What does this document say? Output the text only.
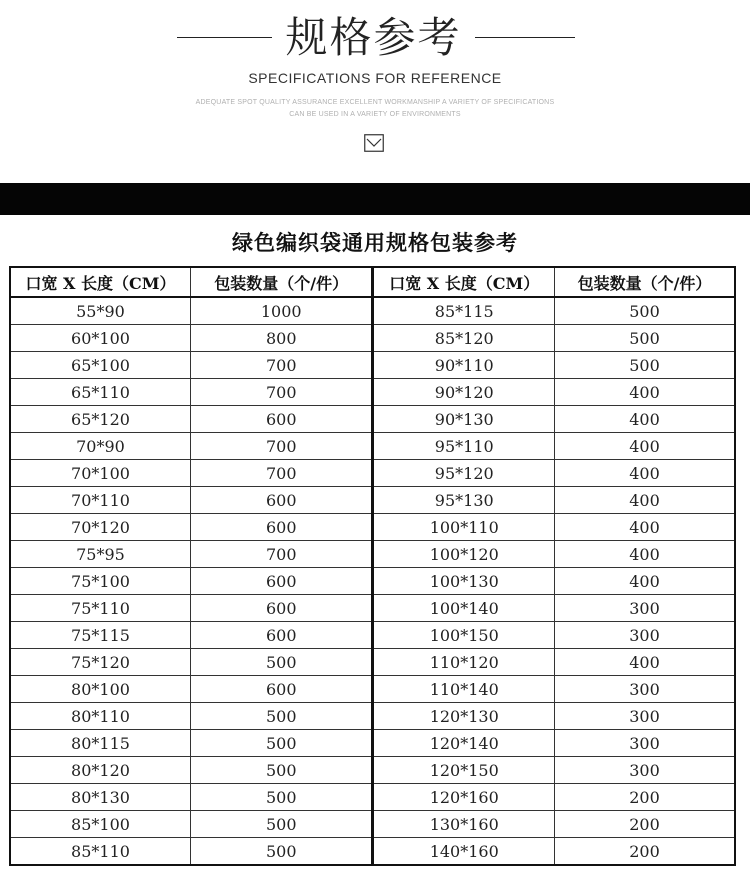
规格参考
SPECIFICATIONS FOR REFERENCE
ADEQUATE SPOT QUALITY ASSURANCE EXCELLENT WORKMANSHIP A VARIETY OF SPECIFICATIONS
CAN BE USED IN A VARIETY OF ENVIRONMENTS
绿色编织袋通用规格包装参考
口宽 X 长度（CM）	包装数量（个/件）	口宽 X 长度（CM）	包装数量（个/件）
55*90	1000	85*115	500
60*100	800	85*120	500
65*100	700	90*110	500
65*110	700	90*120	400
65*120	600	90*130	400
70*90	700	95*110	400
70*100	700	95*120	400
70*110	600	95*130	400
70*120	600	100*110	400
75*95	700	100*120	400
75*100	600	100*130	400
75*110	600	100*140	300
75*115	600	100*150	300
75*120	500	110*120	400
80*100	600	110*140	300
80*110	500	120*130	300
80*115	500	120*140	300
80*120	500	120*150	300
80*130	500	120*160	200
85*100	500	130*160	200
85*110	500	140*160	200
